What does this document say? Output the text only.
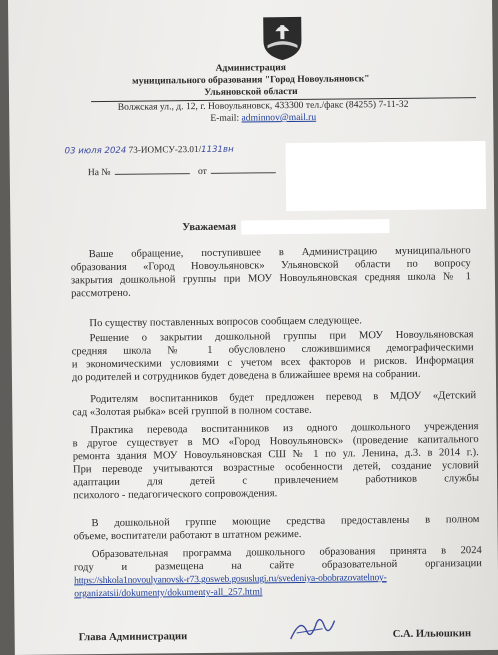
Администрация
муниципального образования "Город Новоульяновск"
Ульяновской области
Волжская ул., д. 12, г. Новоульяновск, 433300 тел./факс (84255) 7-11-32
E-mail: adminnov@mail.ru
03 июля 2024 73-ИОМСУ-23.01/1131вн
На №	от
Уважаемая
Ваше обращение, поступившее в Администрацию муниципального
образования «Город Новоульяновск» Ульяновской области по вопросу
закрытия дошкольной группы при МОУ Новоульяновская средняя школа № 1
рассмотрено.
По существу поставленных вопросов сообщаем следующее.
Решение о закрытии дошкольной группы при МОУ Новоульяновская
средняя школа № 1 обусловлено сложившимися демографическими
и экономическими условиями с учетом всех факторов и рисков. Информация
до родителей и сотрудников будет доведена в ближайшее время на собрании.
Родителям воспитанников будет предложен перевод в МДОУ «Детский
сад «Золотая рыбка» всей группой в полном составе.
Практика перевода воспитанников из одного дошкольного учреждения
в другое существует в МО «Город Новоульяновск» (проведение капитального
ремонта здания МОУ Новоульяновская СШ № 1 по ул. Ленина, д.3. в 2014 г.).
При переводе учитываются возрастные особенности детей, создание условий
адаптации для детей с привлечением работников службы
психолого - педагогического сопровождения.
В дошкольной группе моющие средства предоставлены в полном
объеме, воспитатели работают в штатном режиме.
Образовательная программа дошкольного образования принята в 2024
году и размещена на сайте образовательной организации
https://shkola1novoulyanovsk-r73.gosweb.gosuslugi.ru/svedeniya-obobrazovatelnoy-
organizatsii/dokumenty/dokumenty-all_257.html
Глава Администрации	С.А. Ильюшкин
